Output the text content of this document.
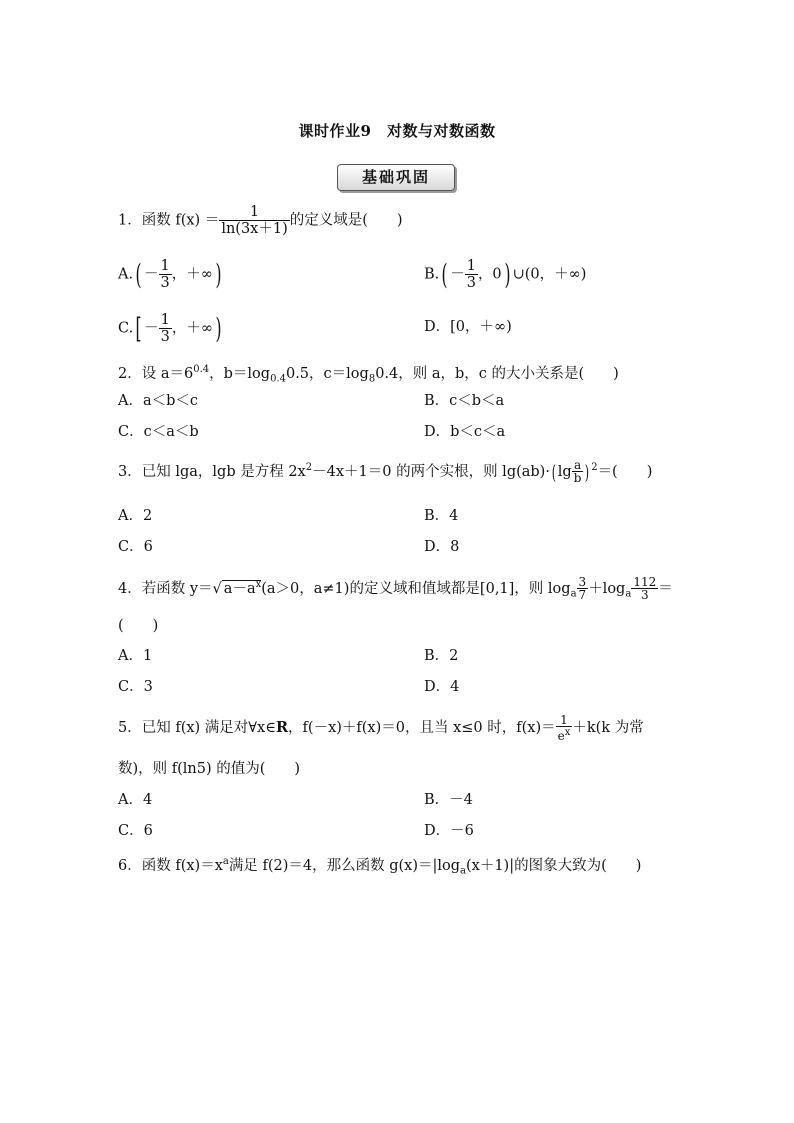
课时作业9　对数与对数函数
基础巩固
1．函数 $f(x) = \frac{1}{\ln(3x+1)}$ 的定义域是(　　)
$A.( - \frac{1}{3}$ ，＋∞)	$B.( - \frac{1}{3}$ ，0) ∪(0，＋∞)
$C.[ - \frac{1}{3}$ ，＋∞)	D．[0，＋∞)
2．设 $a=6^{0.4}$，$b=\log_{0.4}0.5$，$c=\log_80.4$，则 a，b，c 的大小关系是(　　)
A．a＜b＜c	B．c＜b＜a
C．c＜a＜b	D．b＜c＜a
3．已知 lga，lgb 是方程 $2x^2-4x+1=0$ 的两个实根，则 lg(ab)·( $\lg \frac{a}{b}$ ) $^2$＝(　　)
A．2	B．4
C．6	D．8
4．若函数 y＝√ $a-a^x(a>0$，a≠1)的定义域和值域都是[0,1]，则 $\log_a \frac{3}{7} +\log_a \frac{112}{3}$ ＝
(　　)
A．1	B．2
C．3	D．4
5．已知 f(x) 满足对∀x∈R，f(－x)＋f(x)＝0，且当 x≤0 时，$f(x)= \frac{1}{e^x} +k(k$ 为常
数)，则 f(ln5) 的值为(　　)
A．4	B．－4
C．6	D．－6
6．函数 $f(x)=x^a$满足 f(2)＝4，那么函数 $g(x)=|\log_a(x+1)|$的图象大致为(　　)
